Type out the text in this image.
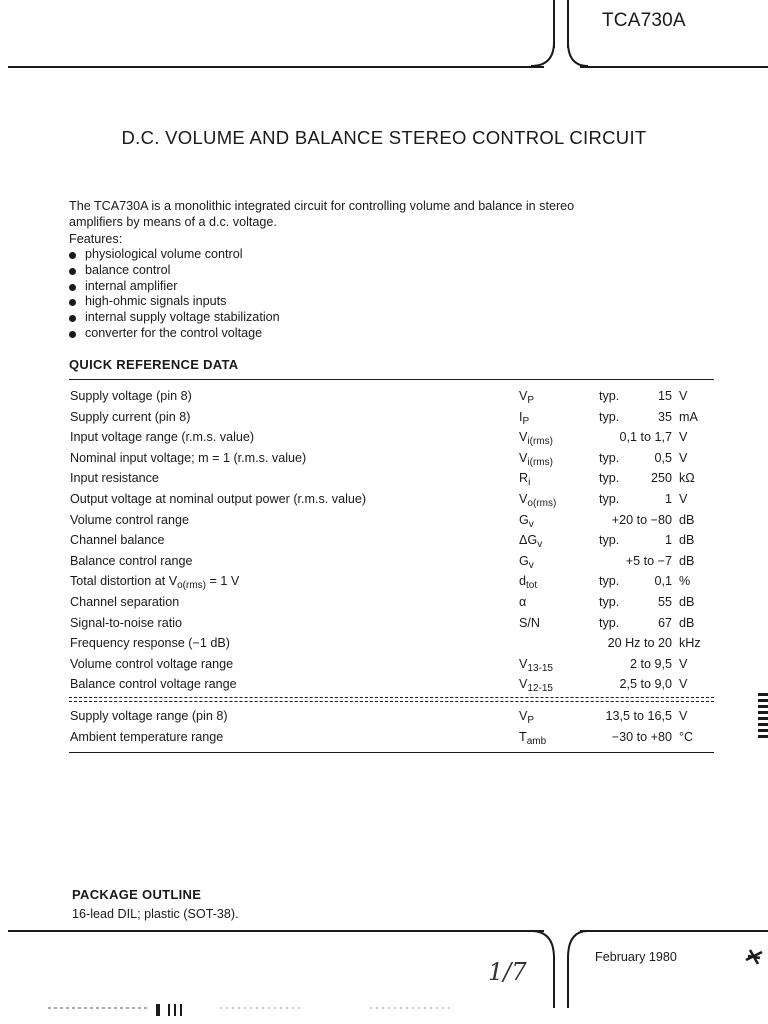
TCA730A
D.C. VOLUME AND BALANCE STEREO CONTROL CIRCUIT
The TCA730A is a monolithic integrated circuit for controlling volume and balance in stereo
amplifiers by means of a d.c. voltage.
Features:
physiological volume control
balance control
internal amplifier
high-ohmic signals inputs
internal supply voltage stabilization
converter for the control voltage
QUICK REFERENCE DATA
Supply voltage (pin 8)	$V_P$	typ.	15 V
Supply current (pin 8)	$I_P$	typ.	35 mA
Input voltage range (r.m.s. value)	$V_{i(rms)}$	0,1 to 1,7 V
Nominal input voltage; m = 1 (r.m.s. value)	$V_{i(rms)}$	typ.	0,5 V
Input resistance	$R_i$	typ.	250 kΩ
Output voltage at nominal output power (r.m.s. value)	$V_{o(rms)}$	typ.	1 V
Volume control range	$G_v$	+20 to −80 dB
Channel balance	$\Delta G_v$	typ.	1 dB
Balance control range	$G_v$	+5 to −7 dB
Total distortion at $V_{o(rms)} = 1$ V	$d_{tot}$	typ.	0,1 %
Channel separation	α	typ.	55 dB
Signal-to-noise ratio	S/N	typ.	67 dB
Frequency response (−1 dB)	20 Hz to 20 kHz
Volume control voltage range	$V_{13-15}$	2 to 9,5 V
Balance control voltage range	$V_{12-15}$	2,5 to 9,0 V
Supply voltage range (pin 8)	$V_P$	13,5 to 16,5 V
Ambient temperature range	$T_{amb}$	−30 to +80 °C
PACKAGE OUTLINE
16-lead DIL; plastic (SOT-38).
February 1980
1/7
